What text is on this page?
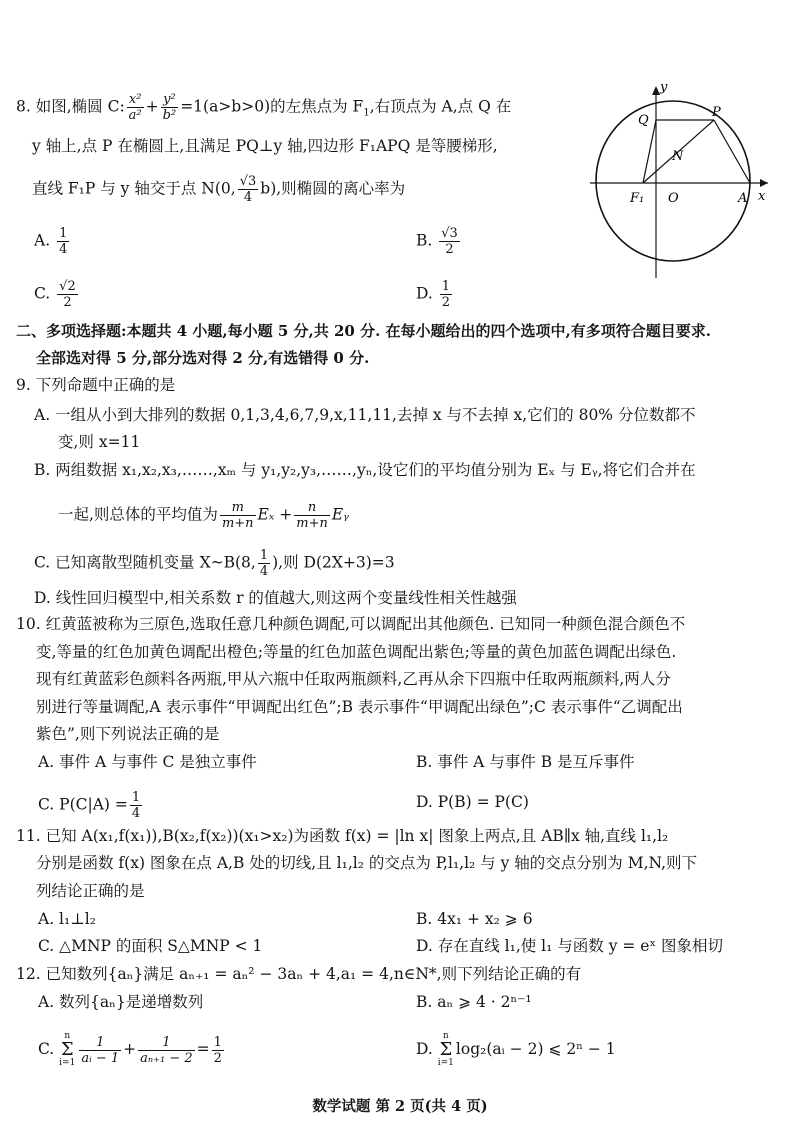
8. 如图,椭圆 C: $\frac{\text{x²}}{\text{a²}} + \frac{\text{y²}}{\text{b²}} =1(a>b>0)$的左焦点为 $F_1$,右顶点为 A,点 Q 在
y 轴上,点 P 在椭圆上,且满足 PQ⊥y 轴,四边形 F₁APQ 是等腰梯形,
直线 F₁P 与 y 轴交于点 N(0, $\frac{√3}{4} b$),则椭圆的离心率为
A. $\frac{1}{4}$	B. $\frac{√3}{2}$
C. $\frac{√2}{2}$	D. $\frac{1}{2}$
y
x
Q
P
N
F₁ O	A
二、多项选择题:本题共 4 小题,每小题 5 分,共 20 分. 在每小题给出的四个选项中,有多项符合题目要求.
全部选对得 5 分,部分选对得 2 分,有选错得 0 分.
9. 下列命题中正确的是
A. 一组从小到大排列的数据 0,1,3,4,6,7,9,x,11,11,去掉 x 与不去掉 x,它们的 80% 分位数都不
变,则 x=11
B. 两组数据 x₁,x₂,x₃,……,xₘ 与 y₁,y₂,y₃,……,yₙ,设它们的平均值分别为 Eₓ 与 Eᵧ,将它们合并在
一起,则总体的平均值为 $\frac{m}{m+n}$ $E_x + \frac{n}{m+n}$ Eᵧ
C. 已知离散型随机变量 X~B(8, $\frac{1}{4}$ ),则 D(2X+3)=3
D. 线性回归模型中,相关系数 r 的值越大,则这两个变量线性相关性越强
10. 红黄蓝被称为三原色,选取任意几种颜色调配,可以调配出其他颜色. 已知同一种颜色混合颜色不
变,等量的红色加黄色调配出橙色;等量的红色加蓝色调配出紫色;等量的黄色加蓝色调配出绿色.
现有红黄蓝彩色颜料各两瓶,甲从六瓶中任取两瓶颜料,乙再从余下四瓶中任取两瓶颜料,两人分
别进行等量调配,A 表示事件“甲调配出红色”;B 表示事件“甲调配出绿色”;C 表示事件“乙调配出
紫色”,则下列说法正确的是
A. 事件 A 与事件 C 是独立事件	B. 事件 A 与事件 B 是互斥事件
C. $P(C|A) = \frac{1}{4}$	D. P(B) = P(C)
11. 已知 A(x₁,f(x₁)),B(x₂,f(x₂))(x₁>x₂)为函数 f(x) = |ln x| 图象上两点,且 AB∥x 轴,直线 l₁,l₂
分别是函数 f(x) 图象在点 A,B 处的切线,且 l₁,l₂ 的交点为 P,l₁,l₂ 与 y 轴的交点分别为 M,N,则下
列结论正确的是
A. l₁⊥l₂	B. 4x₁ + x₂ ⩾ 6
C. △MNP 的面积 S△MNP < 1	D. 存在直线 l₁,使 l₁ 与函数 y = eˣ 图象相切
12. 已知数列{aₙ}满足 aₙ₊₁ = aₙ² − 3aₙ + 4,a₁ = 4,n∈N*,则下列结论正确的有
A. 数列{aₙ}是递增数列	B. aₙ ⩾ 4 · 2ⁿ⁻¹
C. n
Σ
$i=1 \frac{1}{\text{aᵢ − 1}} + \frac{1}{\text{aₙ₊₁ − 2}} = \frac{1}{2}$	D. n
Σ
i=1log₂(aᵢ − 2) ⩽ 2ⁿ − 1
数学试题 第 2 页(共 4 页)
